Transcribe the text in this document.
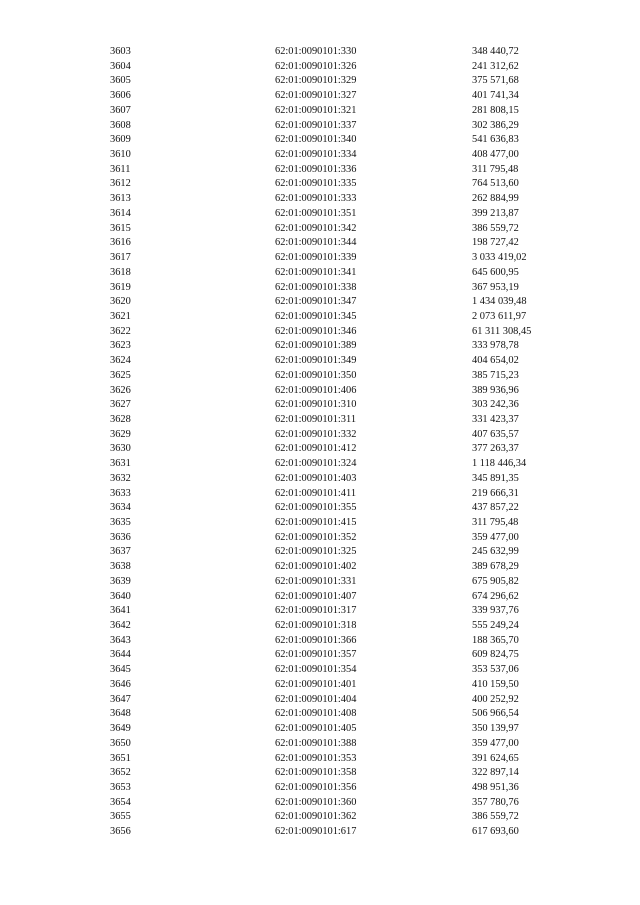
3603	62:01:0090101:330	348 440,72
3604	62:01:0090101:326	241 312,62
3605	62:01:0090101:329	375 571,68
3606	62:01:0090101:327	401 741,34
3607	62:01:0090101:321	281 808,15
3608	62:01:0090101:337	302 386,29
3609	62:01:0090101:340	541 636,83
3610	62:01:0090101:334	408 477,00
3611	62:01:0090101:336	311 795,48
3612	62:01:0090101:335	764 513,60
3613	62:01:0090101:333	262 884,99
3614	62:01:0090101:351	399 213,87
3615	62:01:0090101:342	386 559,72
3616	62:01:0090101:344	198 727,42
3617	62:01:0090101:339	3 033 419,02
3618	62:01:0090101:341	645 600,95
3619	62:01:0090101:338	367 953,19
3620	62:01:0090101:347	1 434 039,48
3621	62:01:0090101:345	2 073 611,97
3622	62:01:0090101:346	61 311 308,45
3623	62:01:0090101:389	333 978,78
3624	62:01:0090101:349	404 654,02
3625	62:01:0090101:350	385 715,23
3626	62:01:0090101:406	389 936,96
3627	62:01:0090101:310	303 242,36
3628	62:01:0090101:311	331 423,37
3629	62:01:0090101:332	407 635,57
3630	62:01:0090101:412	377 263,37
3631	62:01:0090101:324	1 118 446,34
3632	62:01:0090101:403	345 891,35
3633	62:01:0090101:411	219 666,31
3634	62:01:0090101:355	437 857,22
3635	62:01:0090101:415	311 795,48
3636	62:01:0090101:352	359 477,00
3637	62:01:0090101:325	245 632,99
3638	62:01:0090101:402	389 678,29
3639	62:01:0090101:331	675 905,82
3640	62:01:0090101:407	674 296,62
3641	62:01:0090101:317	339 937,76
3642	62:01:0090101:318	555 249,24
3643	62:01:0090101:366	188 365,70
3644	62:01:0090101:357	609 824,75
3645	62:01:0090101:354	353 537,06
3646	62:01:0090101:401	410 159,50
3647	62:01:0090101:404	400 252,92
3648	62:01:0090101:408	506 966,54
3649	62:01:0090101:405	350 139,97
3650	62:01:0090101:388	359 477,00
3651	62:01:0090101:353	391 624,65
3652	62:01:0090101:358	322 897,14
3653	62:01:0090101:356	498 951,36
3654	62:01:0090101:360	357 780,76
3655	62:01:0090101:362	386 559,72
3656	62:01:0090101:617	617 693,60
